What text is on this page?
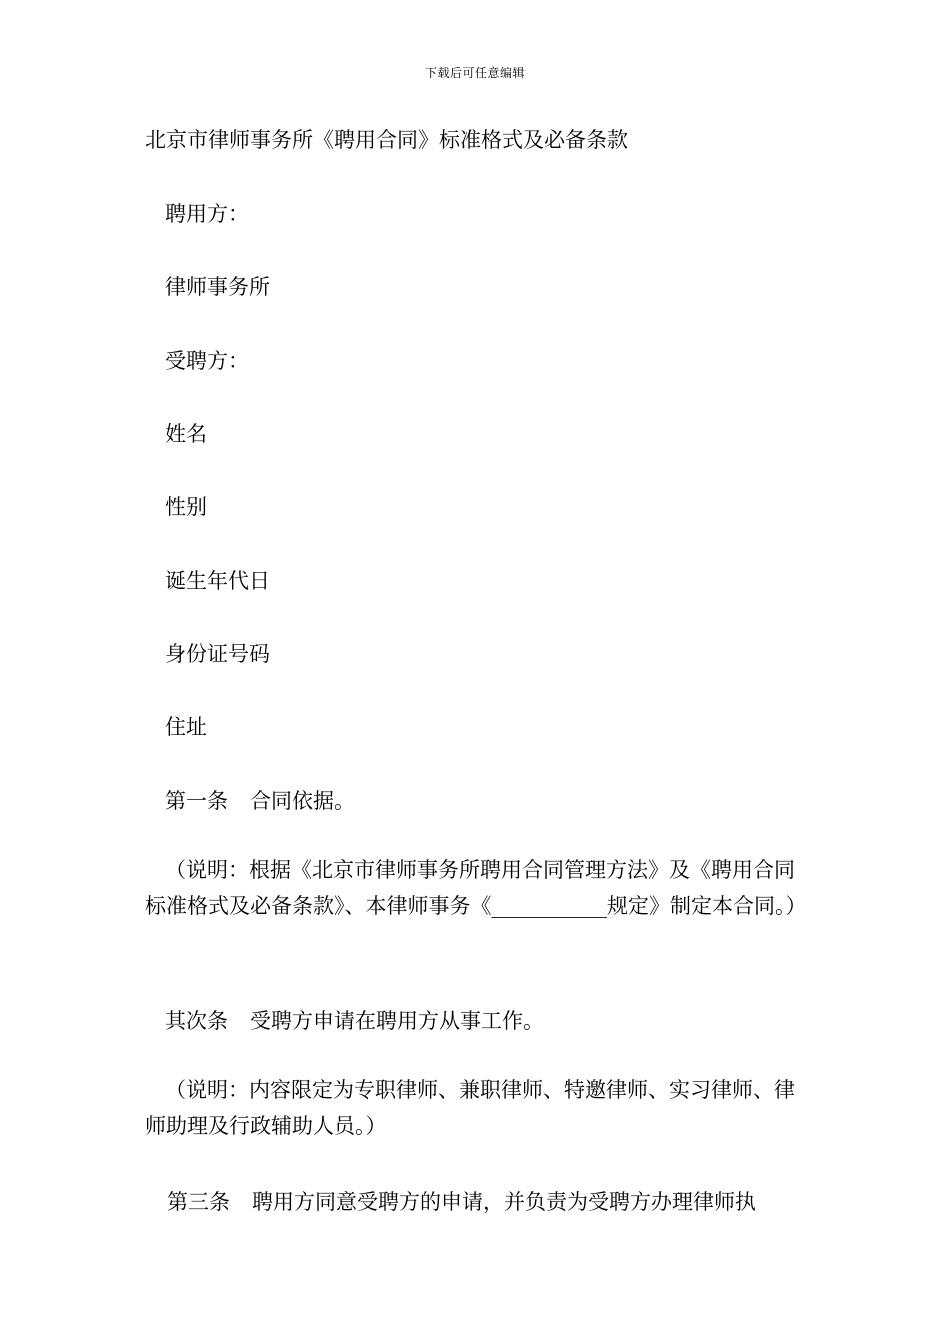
下载后可任意编辑
北京市律师事务所《聘用合同》标准格式及必备条款
聘用方：
律师事务所
受聘方：
姓名
性别
诞生年代日
身份证号码
住址
第一条 合同依据。
（说明：根据《北京市律师事务所聘用合同管理方法》及《聘用合同标准格式及必备条款》、本律师事务《___________规定》制定本合同。）
其次条 受聘方申请在聘用方从事工作。
（说明：内容限定为专职律师、兼职律师、特邀律师、实习律师、律师助理及行政辅助人员。）
第三条 聘用方同意受聘方的申请，并负责为受聘方办理律师执
